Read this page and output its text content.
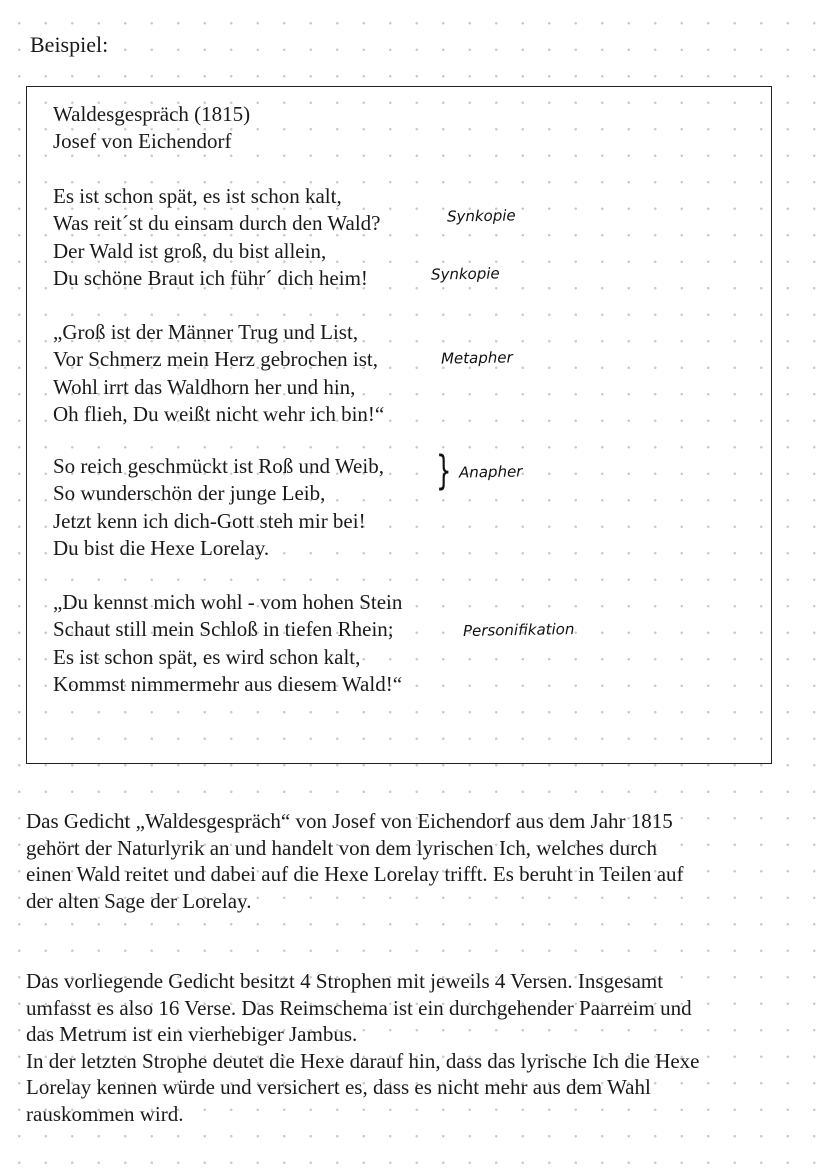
Beispiel:
Waldesgespräch (1815)
Josef von Eichendorf
Es ist schon spät, es ist schon kalt,
Was reit´st du einsam durch den Wald?
Der Wald ist groß, du bist allein,
Du schöne Braut ich führ´ dich heim!
„Groß ist der Männer Trug und List,
Vor Schmerz mein Herz gebrochen ist,
Wohl irrt das Waldhorn her und hin,
Oh flieh, Du weißt nicht wehr ich bin!“
So reich geschmückt ist Roß und Weib,
So wunderschön der junge Leib,
Jetzt kenn ich dich-Gott steh mir bei!
Du bist die Hexe Lorelay.
„Du kennst mich wohl - vom hohen Stein
Schaut still mein Schloß in tiefen Rhein;
Es ist schon spät, es wird schon kalt,
Kommst nimmermehr aus diesem Wald!“
Synkopie
Synkopie
Metapher
} Anapher
Personifikation

Das Gedicht „Waldesgespräch“ von Josef von Eichendorf aus dem Jahr 1815

gehört der Naturlyrik an und handelt von dem lyrischen Ich, welches durch

einen Wald reitet und dabei auf die Hexe Lorelay trifft. Es beruht in Teilen auf

der alten Sage der Lorelay.

Das vorliegende Gedicht besitzt 4 Strophen mit jeweils 4 Versen. Insgesamt

umfasst es also 16 Verse. Das Reimschema ist ein durchgehender Paarreim und

das Metrum ist ein vierhebiger Jambus.

In der letzten Strophe deutet die Hexe darauf hin, dass das lyrische Ich die Hexe

Lorelay kennen würde und versichert es, dass es nicht mehr aus dem Wahl

rauskommen wird.
